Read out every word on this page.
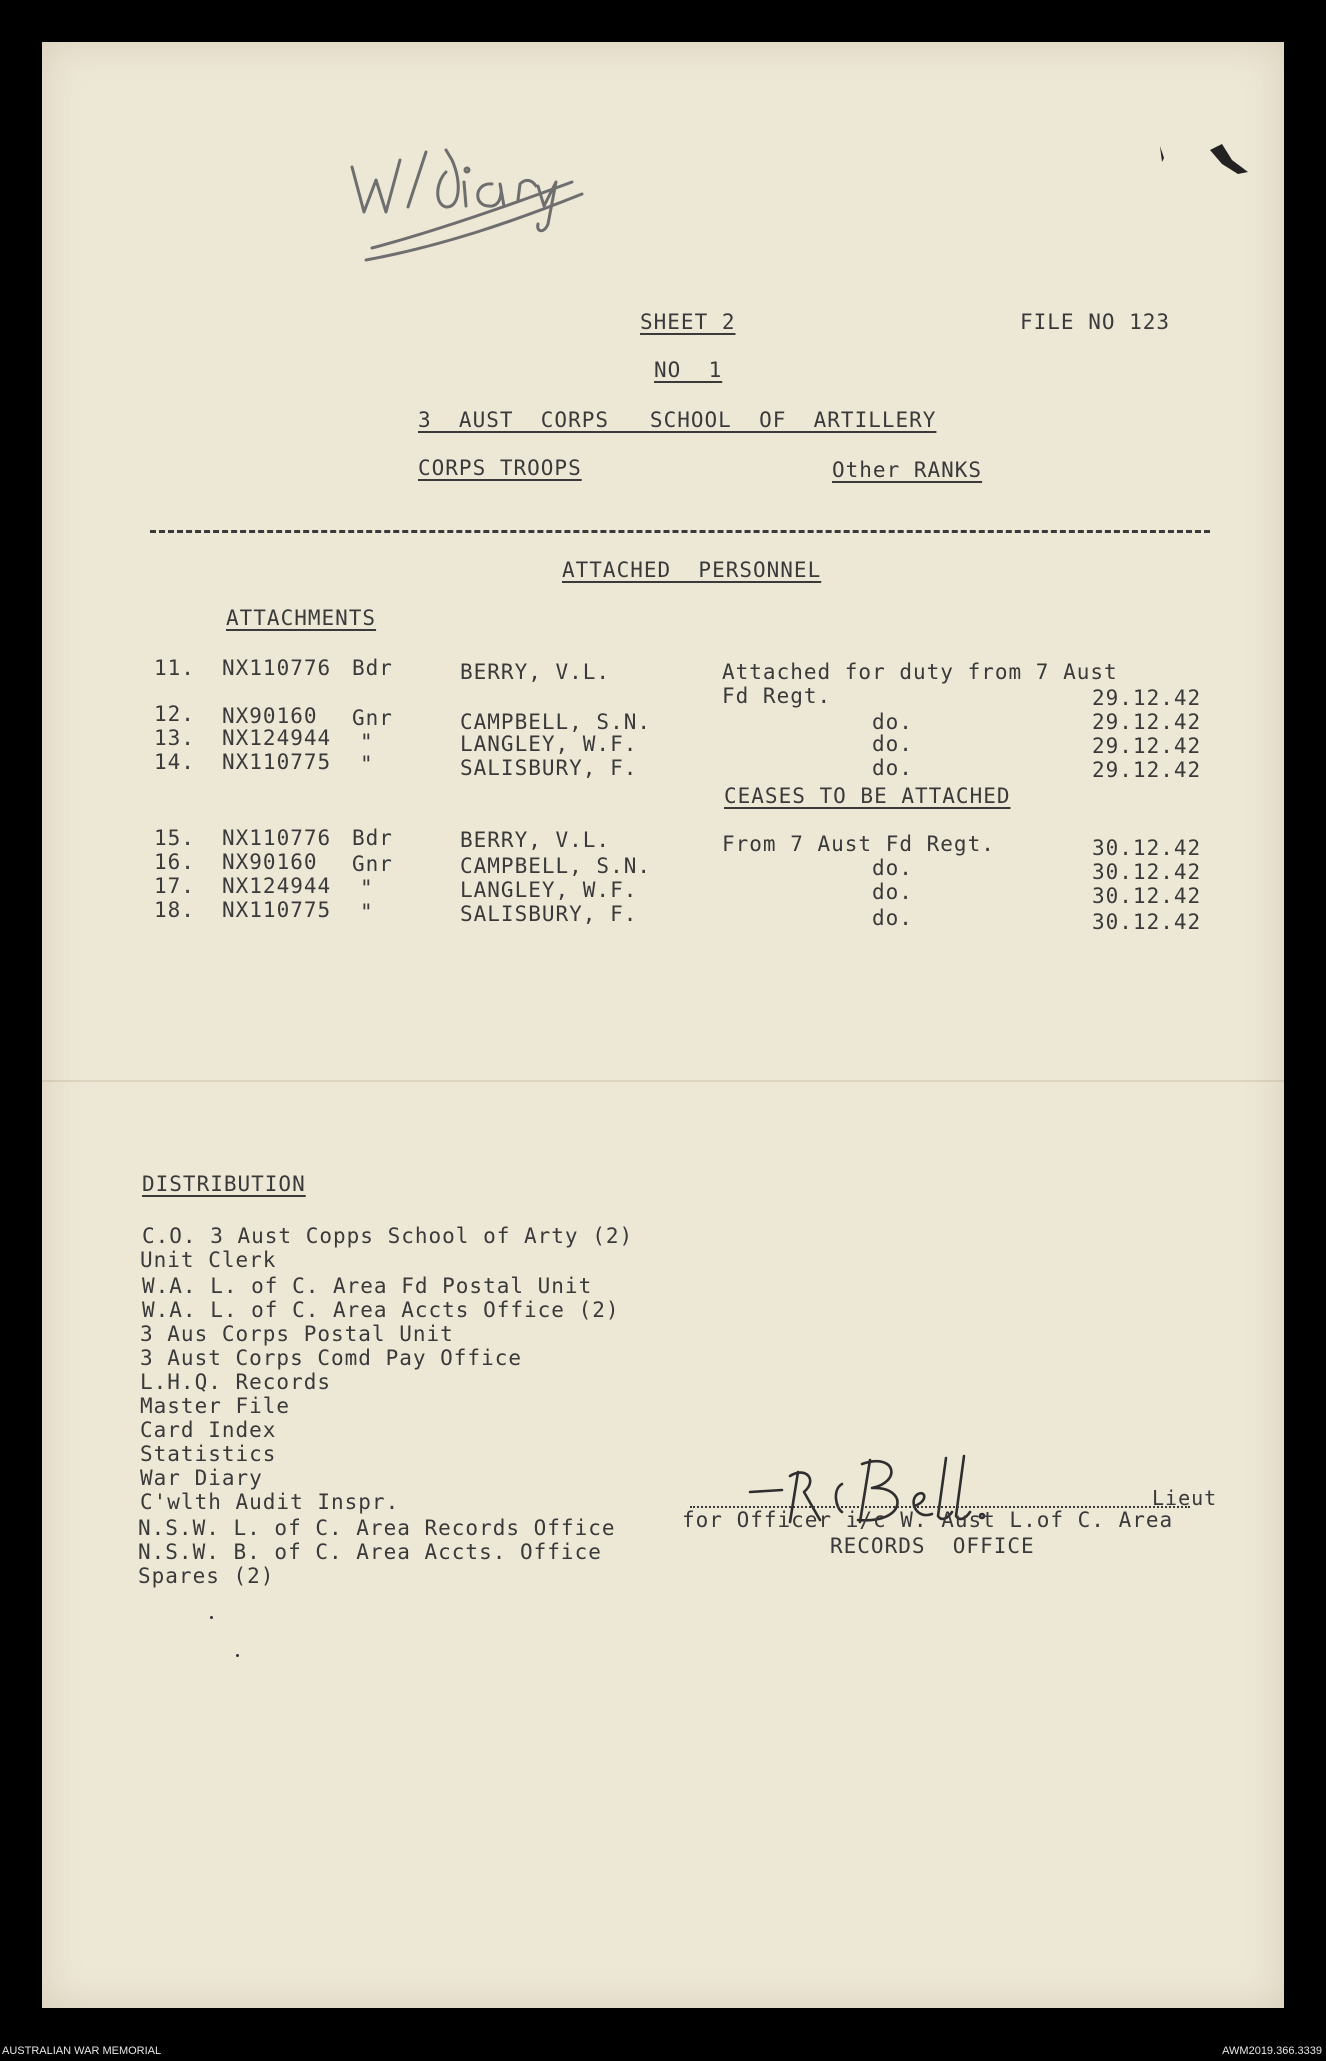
SHEET 2	FILE NO 123
NO  1
3  AUST  CORPS   SCHOOL  OF  ARTILLERY
CORPS TROOPS	Other RANKS
ATTACHED  PERSONNEL
ATTACHMENTS
11. NX110776 Bdr	BERRY, V.L.	Attached for duty from 7 Aust
Fd Regt.	29.12.42
12. NX90160 Gnr	CAMPBELL, S.N.	do.	29.12.42
13. NX124944 "	LANGLEY, W.F.	do.	29.12.42
14. NX110775 "	SALISBURY, F.	do.	29.12.42
CEASES TO BE ATTACHED
15. NX110776 Bdr	BERRY, V.L.	From 7 Aust Fd Regt.	30.12.42
16. NX90160 Gnr	CAMPBELL, S.N.	do.	30.12.42
17. NX124944 "	LANGLEY, W.F.	do.	30.12.42
18. NX110775 "	SALISBURY, F.	do.	30.12.42
DISTRIBUTION
C.O. 3 Aust Copps School of Arty (2)
Unit Clerk
W.A. L. of C. Area Fd Postal Unit
W.A. L. of C. Area Accts Office (2)
3 Aus Corps Postal Unit
3 Aust Corps Comd Pay Office
L.H.Q. Records
Master File
Card Index
Statistics
War Diary
C'wlth Audit Inspr.
N.S.W. L. of C. Area Records Office
N.S.W. B. of C. Area Accts. Office
Spares (2)
Lieut
for Officer i/c W. Aust L.of C. Area
RECORDS  OFFICE
AUSTRALIAN WAR MEMORIAL	AWM2019.366.3339
